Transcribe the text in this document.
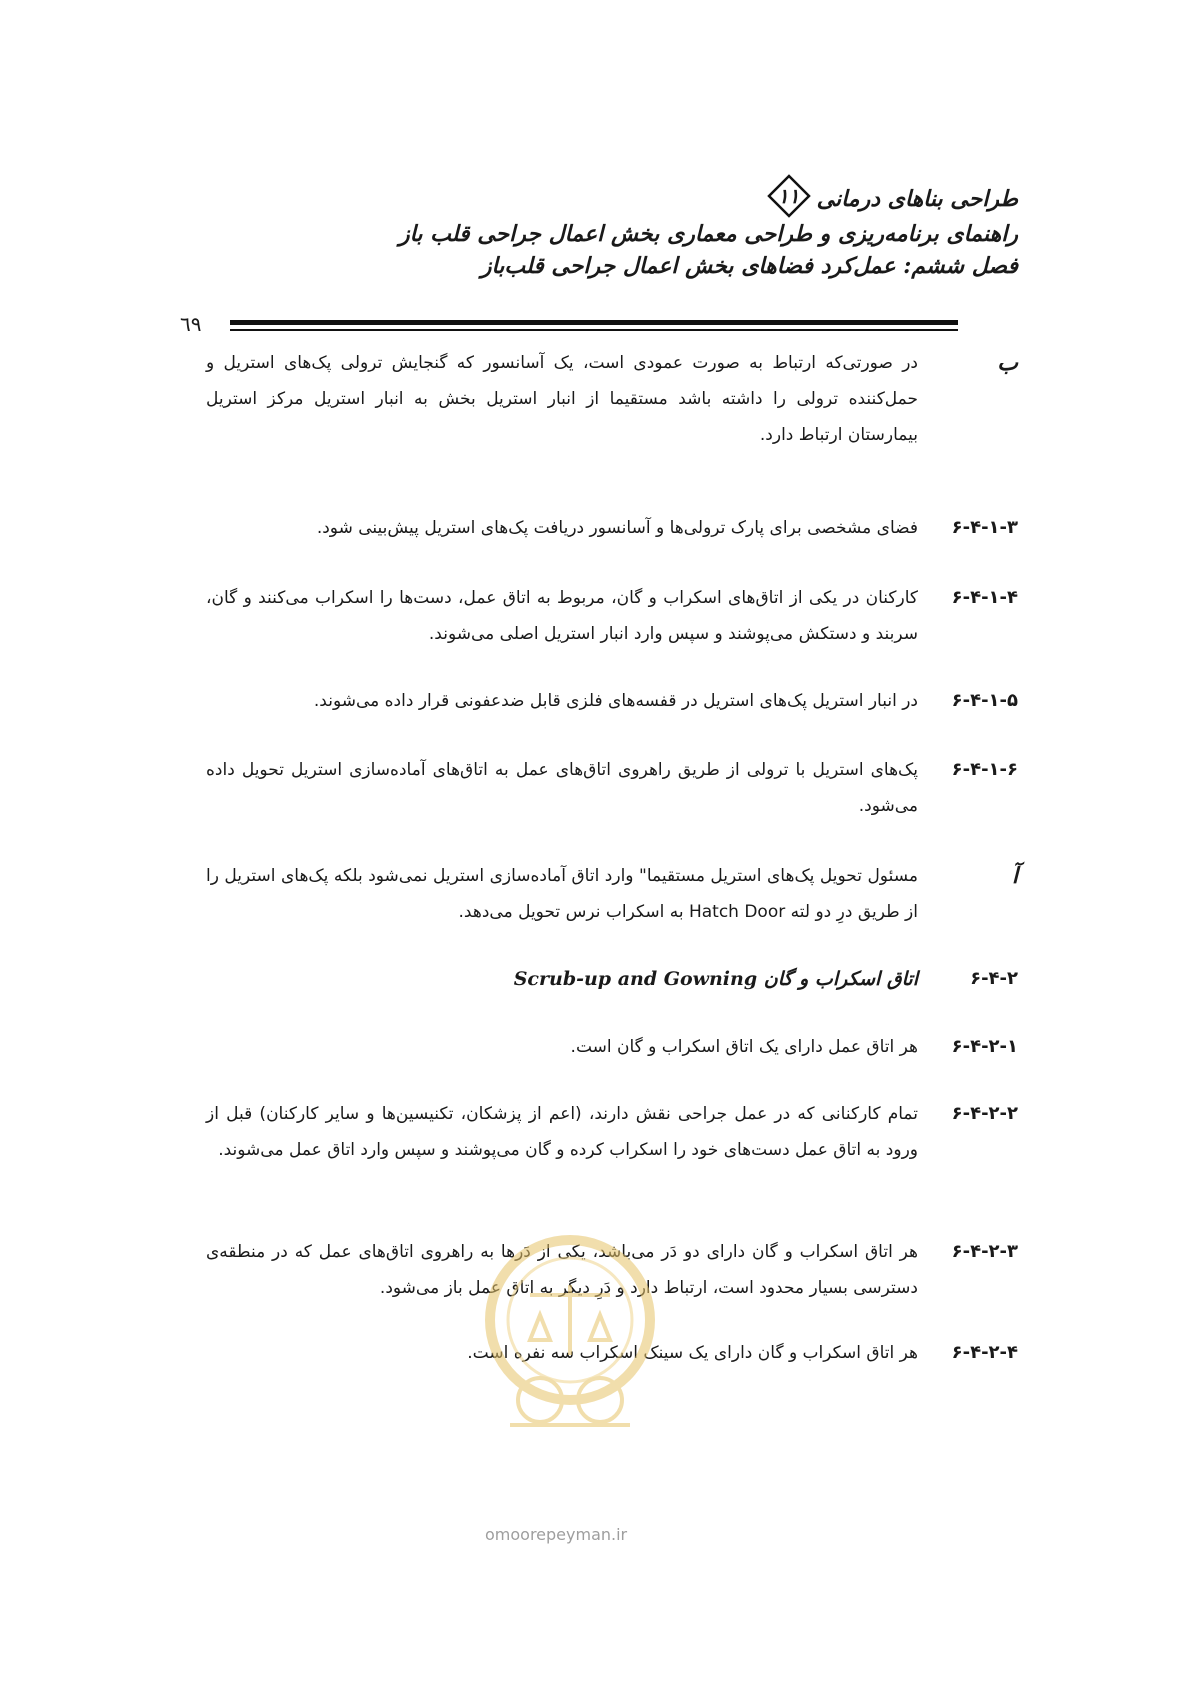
طراحی بناهای درمانی
۱۱
راهنمای برنامه‌ریزی و طراحی معماری بخش اعمال جراحی قلب باز
فصل ششم: عمل‌کرد فضاهای بخش اعمال جراحی قلب‌باز
٦٩
ب
در صورتی‌که ارتباط به صورت عمودی است، یک آسانسور که گنجایش ترولی پک‌های استریل و حمل‌کننده ترولی را داشته باشد مستقیما از انبار استریل بخش به انبار استریل مرکز استریل بیمارستان ارتباط دارد.
۶-۴-۱-۳
فضای مشخصی برای پارک ترولی‌ها و آسانسور دریافت پک‌های استریل پیش‌بینی شود.
۶-۴-۱-۴
کارکنان در یکی از اتاق‌های اسکراب و گان، مربوط به اتاق عمل، دست‌ها را اسکراب می‌کنند و گان، سربند و دستکش می‌پوشند و سپس وارد انبار استریل اصلی می‌شوند.
۶-۴-۱-۵
در انبار استریل پک‌های استریل در قفسه‌های فلزی قابل ضدعفونی قرار داده می‌شوند.
۶-۴-۱-۶
پک‌های استریل با ترولی از طریق راهروی اتاق‌های عمل به اتاق‌های آماده‌سازی استریل تحویل داده می‌شود.
آ
مسئول تحویل پک‌های استریل مستقیما" وارد اتاق آماده‌سازی استریل نمی‌شود بلکه پک‌های استریل را از طریق درِ دو لته Hatch Door به اسکراب نرس تحویل می‌دهد.
۶-۴-۲
اتاق اسکراب و گان Scrub-up and Gowning
۶-۴-۲-۱
هر اتاق عمل دارای یک اتاق اسکراب و گان است.
۶-۴-۲-۲
تمام کارکنانی که در عمل جراحی نقش دارند، (اعم از پزشکان، تکنیسین‌ها و سایر کارکنان) قبل از ورود به اتاق عمل دست‌های خود را اسکراب کرده و گان می‌پوشند و سپس وارد اتاق عمل می‌شوند.
۶-۴-۲-۳
هر اتاق اسکراب و گان دارای دو دَر می‌باشد، یکی از دَرها به راهروی اتاق‌های عمل که در منطقه‌ی دسترسی بسیار محدود است، ارتباط دارد و دَرِ دیگر به اتاق عمل باز می‌شود.
۶-۴-۲-۴
هر اتاق اسکراب و گان دارای یک سینک اسکراب سه نفره است.
omoorepeyman.ir
